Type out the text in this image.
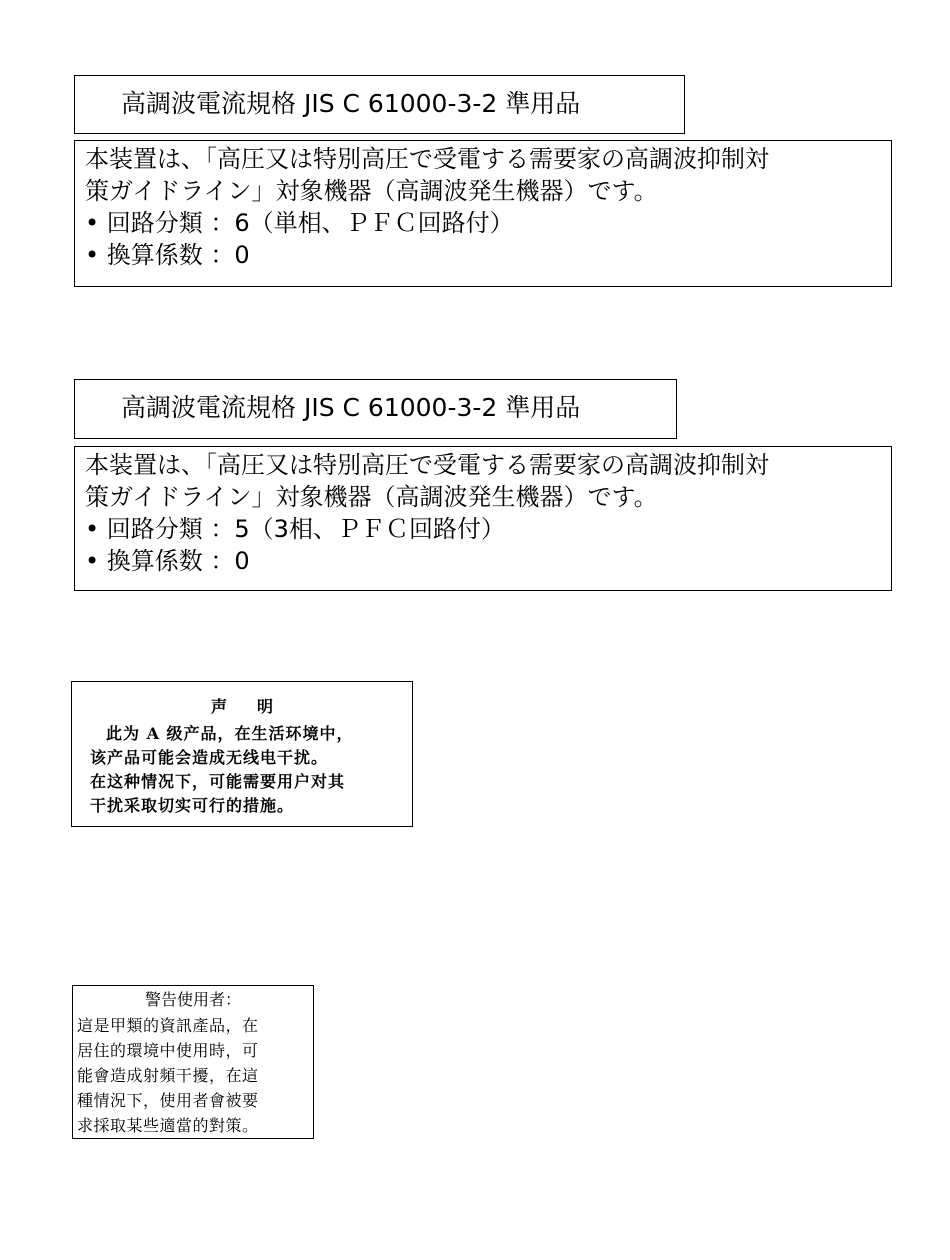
高調波電流規格 JIS C 61000-3-2 準用品
本装置は、「高圧又は特別高圧で受電する需要家の高調波抑制対
策ガイドライン」対象機器（高調波発生機器）です。
• 回路分類 ：6（単相、ＰＦＣ回路付）
• 換算係数 ：0
高調波電流規格 JIS C 61000-3-2 準用品
本装置は、「高圧又は特別高圧で受電する需要家の高調波抑制対
策ガイドライン」対象機器（高調波発生機器）です。
• 回路分類 ：5（3相、ＰＦＣ回路付）
• 換算係数 ：0
声明
此为 A 级产品，在生活环境中，
该产品可能会造成无线电干扰。
在这种情况下，可能需要用户对其
干扰采取切实可行的措施。
警告使用者：
這是甲類的資訊產品，在
居住的環境中使用時，可
能會造成射頻干擾，在這
種情況下，使用者會被要
求採取某些適當的對策。
